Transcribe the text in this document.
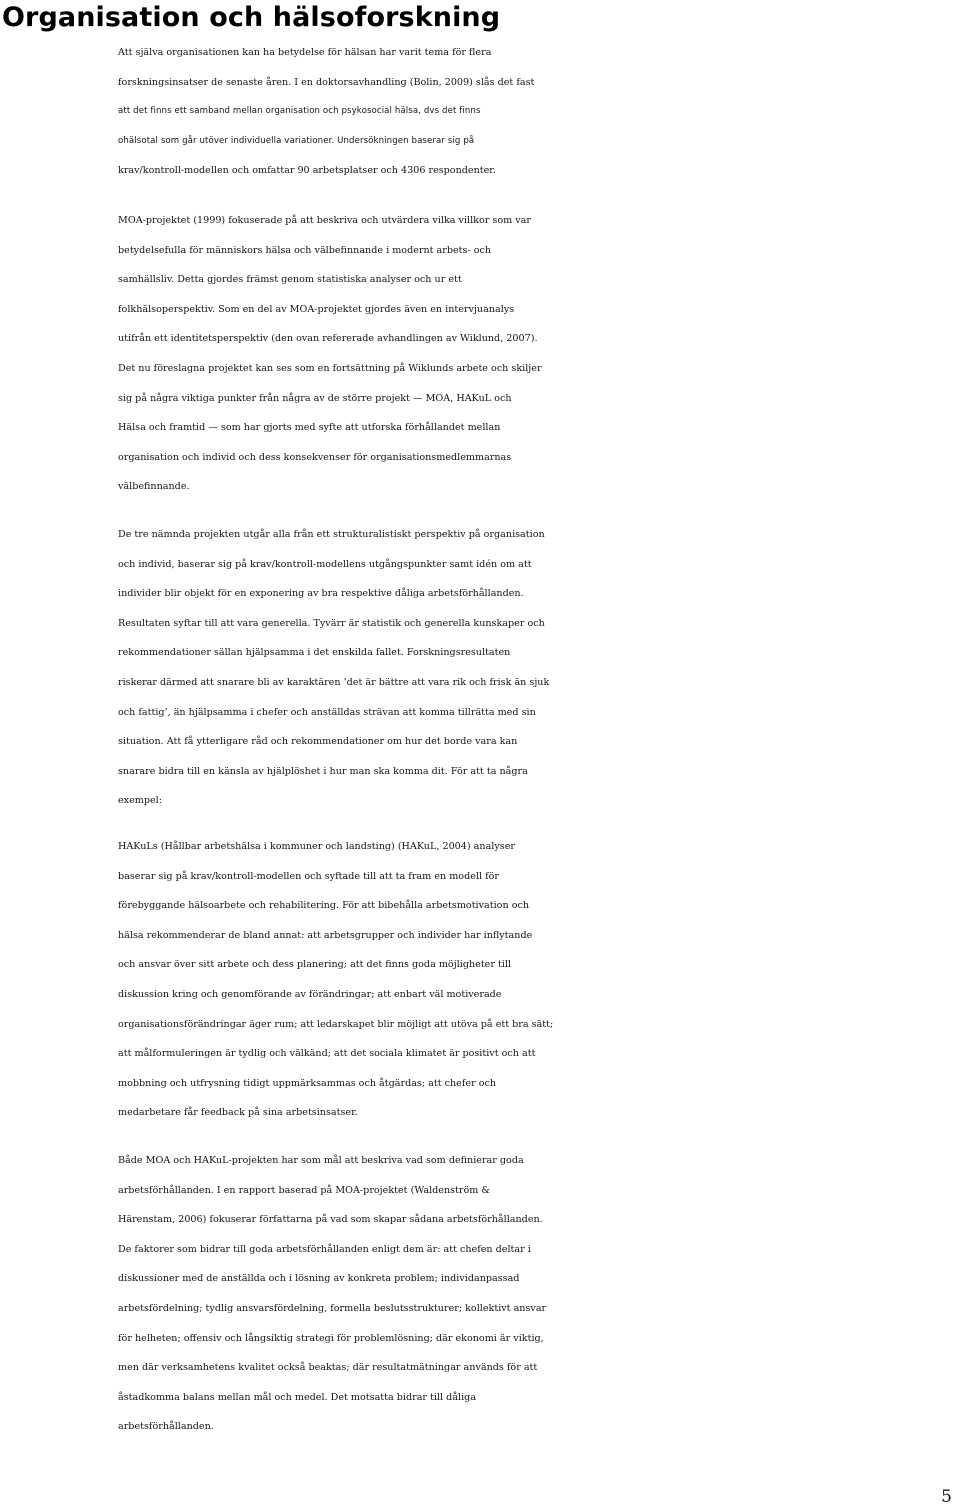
Organisation och hälsoforskning
Att själva organisationen kan ha betydelse för hälsan har varit tema för flera
forskningsinsatser de senaste åren. I en doktorsavhandling (Bolin, 2009) slås det fast
att det finns ett samband mellan organisation och psykosocial hälsa, dvs det finns
ohälsotal som går utöver individuella variationer. Undersökningen baserar sig på
krav/kontroll-modellen och omfattar 90 arbetsplatser och 4306 respondenter.
MOA-projektet (1999) fokuserade på att beskriva och utvärdera vilka villkor som var
betydelsefulla för människors hälsa och välbefinnande i modernt arbets- och
samhällsliv. Detta gjordes främst genom statistiska analyser och ur ett
folkhälsoperspektiv. Som en del av MOA-projektet gjordes även en intervjuanalys
utifrån ett identitetsperspektiv (den ovan refererade avhandlingen av Wiklund, 2007).
Det nu föreslagna projektet kan ses som en fortsättning på Wiklunds arbete och skiljer
sig på några viktiga punkter från några av de större projekt — MOA, HAKuL och
Hälsa och framtid — som har gjorts med syfte att utforska förhållandet mellan
organisation och individ och dess konsekvenser för organisationsmedlemmarnas
välbefinnande.
De tre nämnda projekten utgår alla från ett strukturalistiskt perspektiv på organisation
och individ, baserar sig på krav/kontroll-modellens utgångspunkter samt idén om att
individer blir objekt för en exponering av bra respektive dåliga arbetsförhållanden.
Resultaten syftar till att vara generella. Tyvärr är statistik och generella kunskaper och
rekommendationer sällan hjälpsamma i det enskilda fallet. Forskningsresultaten
riskerar därmed att snarare bli av karaktären ’det är bättre att vara rik och frisk än sjuk
och fattig’, än hjälpsamma i chefer och anställdas strävan att komma tillrätta med sin
situation. Att få ytterligare råd och rekommendationer om hur det borde vara kan
snarare bidra till en känsla av hjälplöshet i hur man ska komma dit. För att ta några
exempel:
HAKuLs (Hållbar arbetshälsa i kommuner och landsting) (HAKuL, 2004) analyser
baserar sig på krav/kontroll-modellen och syftade till att ta fram en modell för
förebyggande hälsoarbete och rehabilitering. För att bibehålla arbetsmotivation och
hälsa rekommenderar de bland annat: att arbetsgrupper och individer har inflytande
och ansvar över sitt arbete och dess planering; att det finns goda möjligheter till
diskussion kring och genomförande av förändringar; att enbart väl motiverade
organisationsförändringar äger rum; att ledarskapet blir möjligt att utöva på ett bra sätt;
att målformuleringen är tydlig och välkänd; att det sociala klimatet är positivt och att
mobbning och utfrysning tidigt uppmärksammas och åtgärdas; att chefer och
medarbetare får feedback på sina arbetsinsatser.
Både MOA och HAKuL-projekten har som mål att beskriva vad som definierar goda
arbetsförhållanden. I en rapport baserad på MOA-projektet (Waldenström &
Härenstam, 2006) fokuserar författarna på vad som skapar sådana arbetsförhållanden.
De faktorer som bidrar till goda arbetsförhållanden enligt dem är: att chefen deltar i
diskussioner med de anställda och i lösning av konkreta problem; individanpassad
arbetsfördelning; tydlig ansvarsfördelning, formella beslutsstrukturer; kollektivt ansvar
för helheten; offensiv och långsiktig strategi för problemlösning; där ekonomi är viktig,
men där verksamhetens kvalitet också beaktas; där resultatmätningar används för att
åstadkomma balans mellan mål och medel. Det motsatta bidrar till dåliga
arbetsförhållanden.
5
